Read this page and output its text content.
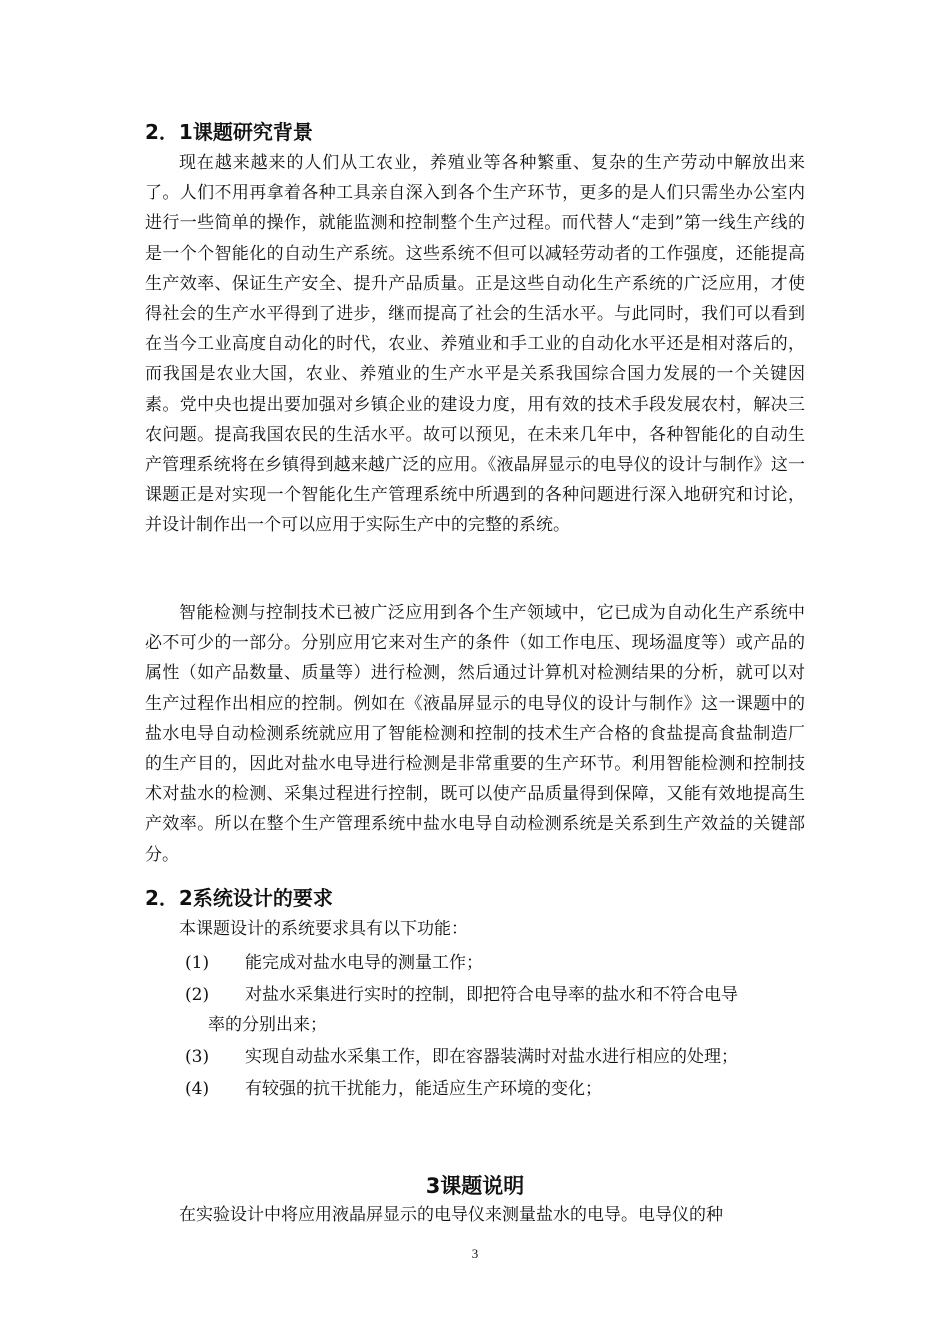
2．1课题研究背景

现在越来越来的人们从工农业，养殖业等各种繁重、复杂的生产劳动中解放出来了。人们不用再拿着各种工具亲自深入到各个生产环节，更多的是人们只需坐办公室内进行一些简单的操作，就能监测和控制整个生产过程。而代替人“走到”第一线生产线的是一个个智能化的自动生产系统。这些系统不但可以减轻劳动者的工作强度，还能提高生产效率、保证生产安全、提升产品质量。正是这些自动化生产系统的广泛应用，才使得社会的生产水平得到了进步，继而提高了社会的生活水平。与此同时，我们可以看到在当今工业高度自动化的时代，农业、养殖业和手工业的自动化水平还是相对落后的，而我国是农业大国，农业、养殖业的生产水平是关系我国综合国力发展的一个关键因素。党中央也提出要加强对乡镇企业的建设力度，用有效的技术手段发展农村，解决三农问题。提高我国农民的生活水平。故可以预见，在未来几年中，各种智能化的自动生产管理系统将在乡镇得到越来越广泛的应用。《液晶屏显示的电导仪的设计与制作》这一课题正是对实现一个智能化生产管理系统中所遇到的各种问题进行深入地研究和讨论，并设计制作出一个可以应用于实际生产中的完整的系统。

智能检测与控制技术已被广泛应用到各个生产领域中，它已成为自动化生产系统中必不可少的一部分。分别应用它来对生产的条件（如工作电压、现场温度等）或产品的属性（如产品数量、质量等）进行检测，然后通过计算机对检测结果的分析，就可以对生产过程作出相应的控制。例如在《液晶屏显示的电导仪的设计与制作》这一课题中的盐水电导自动检测系统就应用了智能检测和控制的技术生产合格的食盐提高食盐制造厂的生产目的，因此对盐水电导进行检测是非常重要的生产环节。利用智能检测和控制技术对盐水的检测、采集过程进行控制，既可以使产品质量得到保障，又能有效地提高生产效率。所以在整个生产管理系统中盐水电导自动检测系统是关系到生产效益的关键部分。

2．2系统设计的要求

本课题设计的系统要求具有以下功能：

(1)	能完成对盐水电导的测量工作；
(2)	对盐水采集进行实时的控制，即把符合电导率的盐水和不符合电导
率的分别出来；
(3)	实现自动盐水采集工作，即在容器装满时对盐水进行相应的处理；
(4)	有较强的抗干扰能力，能适应生产环境的变化；
3课题说明

在实验设计中将应用液晶屏显示的电导仪来测量盐水的电导。电导仪的种

3
